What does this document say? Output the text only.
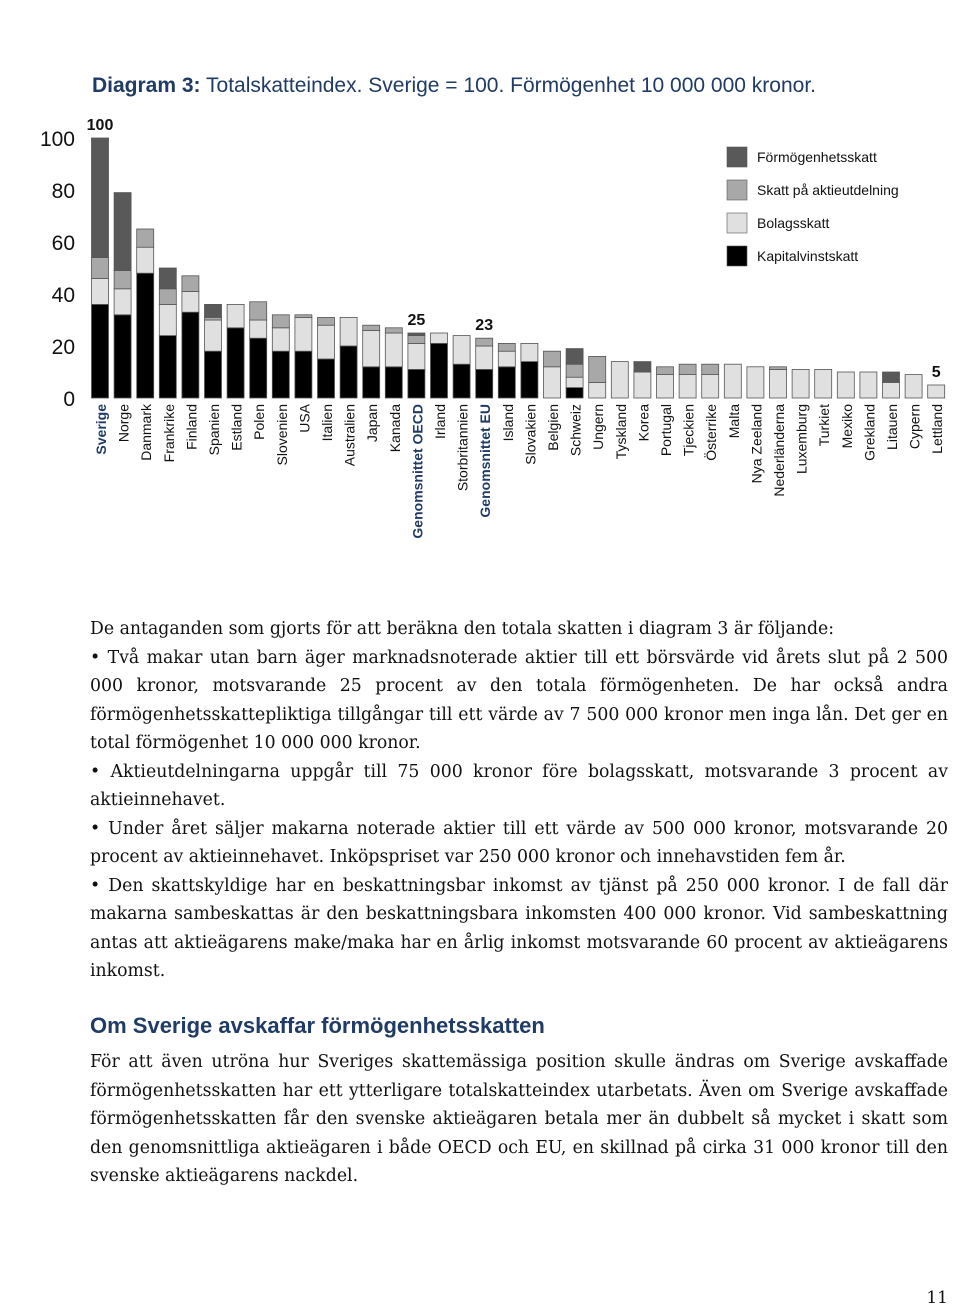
0
20
40
60
80
100
Sverige Norge Danmark Frankrike Finland Spanien Estland Polen Slovenien USA Italien Australien Japan Kanada Genomsnittet OECD Irland Storbritannien Genomsnittet EU Island Slovakien Belgien Schweiz Ungern Tyskland Korea Portugal Tjeckien Österrike Malta Nya Zeeland Nederländerna Luxemburg Turkiet Mexiko Grekland Litauen Cypern Lettland
100
25	23
5
Förmögenhetsskatt
Skatt på aktieutdelning
Bolagsskatt
Kapitalvinstskatt
Diagram 3: Totalskatteindex. Sverige = 100. Förmögenhet 10 000 000 kronor.

De antaganden som gjorts för att beräkna den totala skatten i diagram 3 är följande:

• Två makar utan barn äger marknadsnoterade aktier till ett börsvärde vid årets slut på 2 500 000 kronor, motsvarande 25 procent av den totala förmögenheten. De har också andra förmögenhetsskattepliktiga tillgångar till ett värde av 7 500 000 kronor men inga lån. Det ger en total förmögenhet 10 000 000 kronor.

• Aktieutdelningarna uppgår till 75 000 kronor före bolagsskatt, motsvarande 3 procent av aktieinnehavet.

• Under året säljer makarna noterade aktier till ett värde av 500 000 kronor, motsvarande 20 procent av aktieinnehavet. Inköpspriset var 250 000 kronor och innehavstiden fem år.

• Den skattskyldige har en beskattningsbar inkomst av tjänst på 250 000 kronor. I de fall där makarna sambeskattas är den beskattningsbara inkomsten 400 000 kronor. Vid sambeskattning antas att aktieägarens make/maka har en årlig inkomst motsvarande 60 procent av aktieägarens inkomst.

Om Sverige avskaffar förmögenhetsskatten

För att även utröna hur Sveriges skattemässiga position skulle ändras om Sverige avskaffade förmögenhetsskatten har ett ytterligare totalskatteindex utarbetats. Även om Sverige avskaffade förmögenhetsskatten får den svenske aktieägaren betala mer än dubbelt så mycket i skatt som den genomsnittliga aktieägaren i både OECD och EU, en skillnad på cirka 31 000 kronor till den svenske aktieägarens nackdel.

11
